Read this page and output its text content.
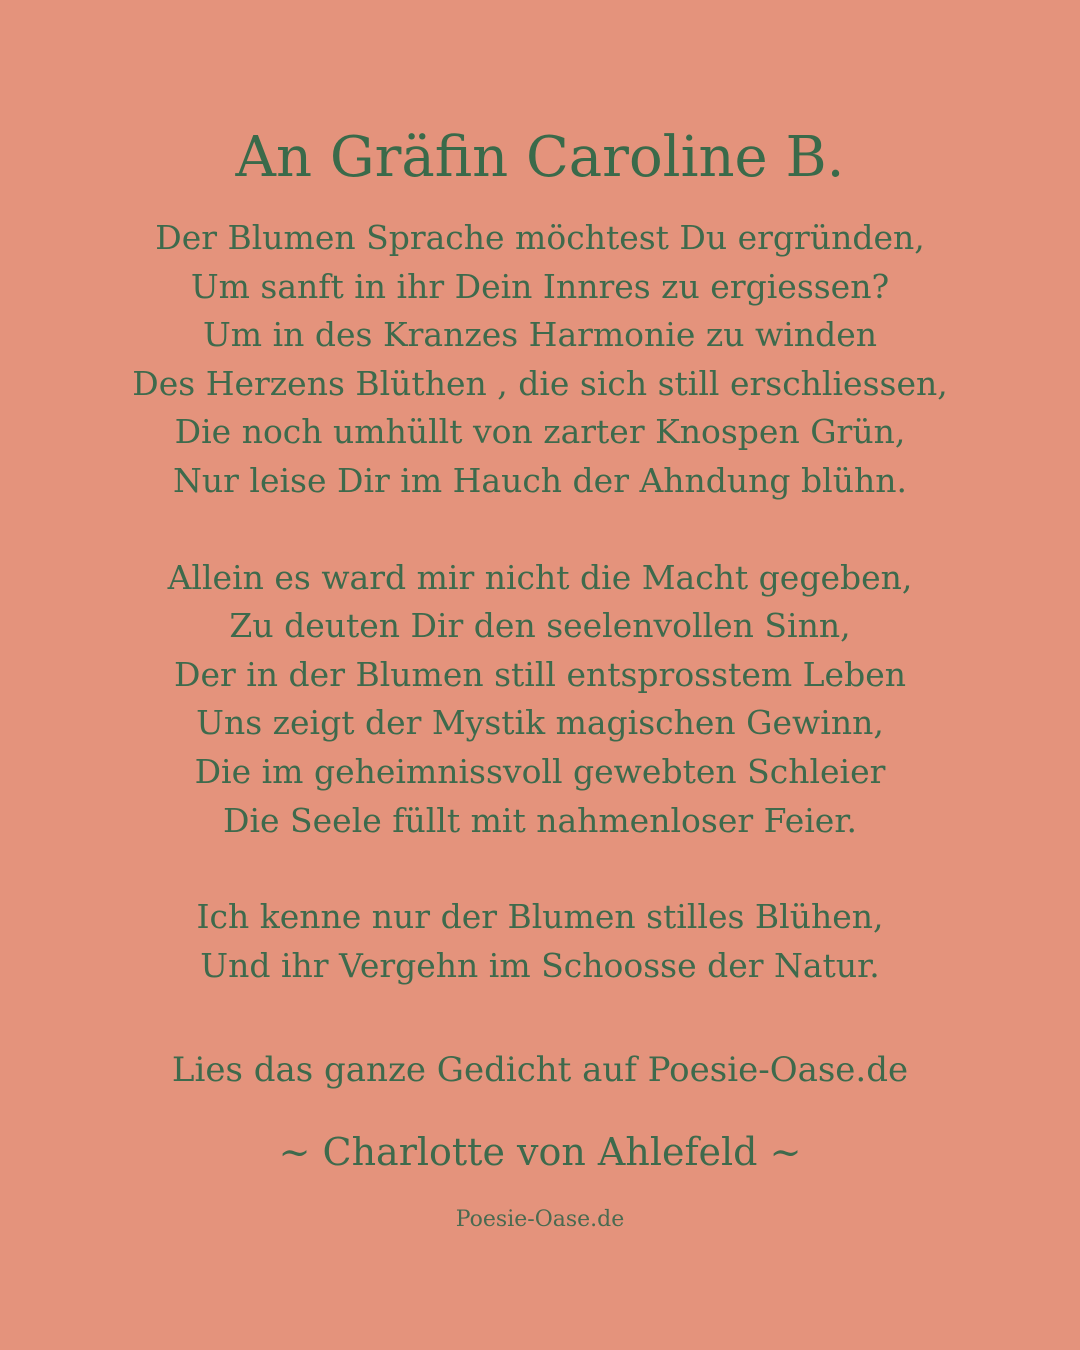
An Gräfin Caroline B.
Der Blumen Sprache möchtest Du ergründen,
Um sanft in ihr Dein Innres zu ergiessen?
Um in des Kranzes Harmonie zu winden
Des Herzens Blüthen , die sich still erschliessen,
Die noch umhüllt von zarter Knospen Grün,
Nur leise Dir im Hauch der Ahndung blühn.
Allein es ward mir nicht die Macht gegeben,
Zu deuten Dir den seelenvollen Sinn,
Der in der Blumen still entsprosstem Leben
Uns zeigt der Mystik magischen Gewinn,
Die im geheimnissvoll gewebten Schleier
Die Seele füllt mit nahmenloser Feier.
Ich kenne nur der Blumen stilles Blühen,
Und ihr Vergehn im Schoosse der Natur.
Lies das ganze Gedicht auf Poesie-Oase.de
~ Charlotte von Ahlefeld ~
Poesie-Oase.de
